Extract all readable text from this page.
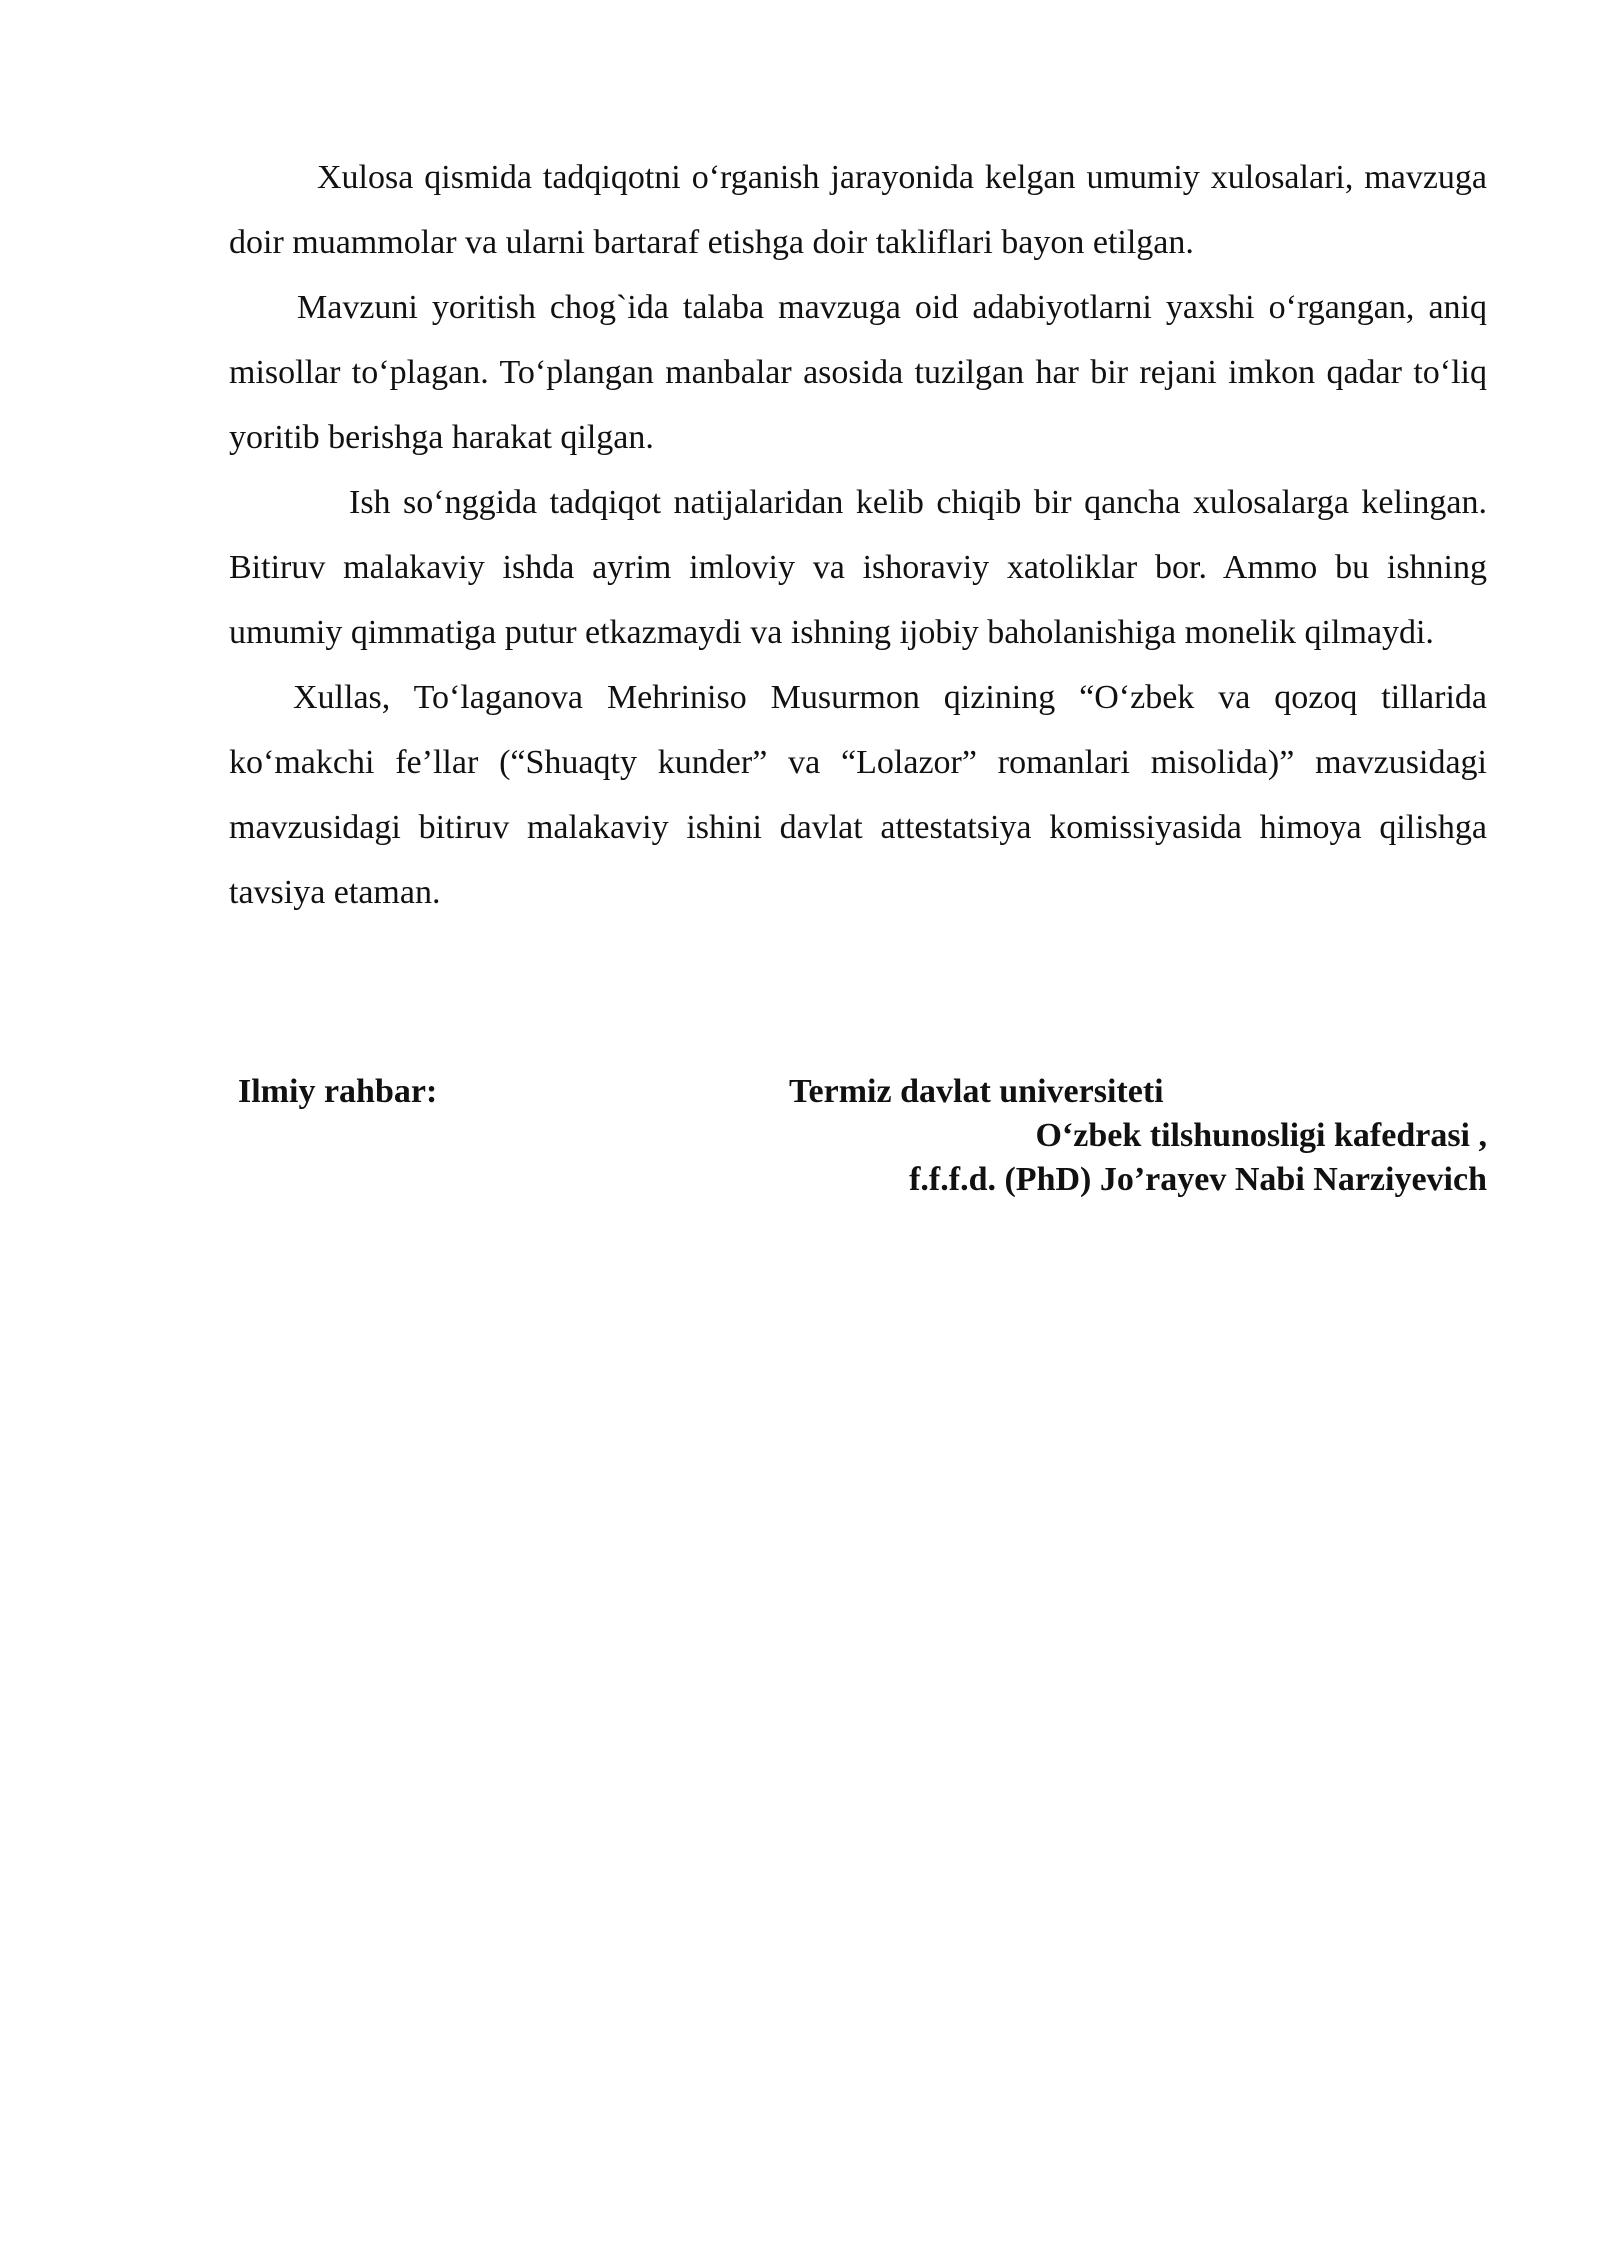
Xulosa qismida tadqiqotni o‘rganish jarayonida kelgan umumiy xulosalari, mavzuga doir muammolar va ularni bartaraf etishga doir takliflari bayon etilgan.

Mavzuni yoritish chog`ida talaba mavzuga oid adabiyotlarni yaxshi o‘rgangan, aniq misollar to‘plagan. To‘plangan manbalar asosida tuzilgan har bir rejani imkon qadar to‘liq yoritib berishga harakat qilgan.

Ish so‘nggida tadqiqot natijalaridan kelib chiqib bir qancha xulosalarga kelingan. Bitiruv malakaviy ishda ayrim imloviy va ishoraviy xatoliklar bor. Ammo bu ishning umumiy qimmatiga putur etkazmaydi va ishning ijobiy baholanishiga monelik qilmaydi.

Xullas, To‘laganova Mehriniso Musurmon qizining “O‘zbek va qozoq tillarida ko‘makchi fe’llar (“Shuaqty kunder” va “Lolazor” romanlari misolida)” mavzusidagi mavzusidagi bitiruv malakaviy ishini davlat attestatsiya komissiyasida himoya qilishga tavsiya etaman.

Ilmiy rahbar:	Termiz davlat universiteti
O‘zbek tilshunosligi kafedrasi ,
f.f.f.d. (PhD) Jo’rayev Nabi Narziyevich
